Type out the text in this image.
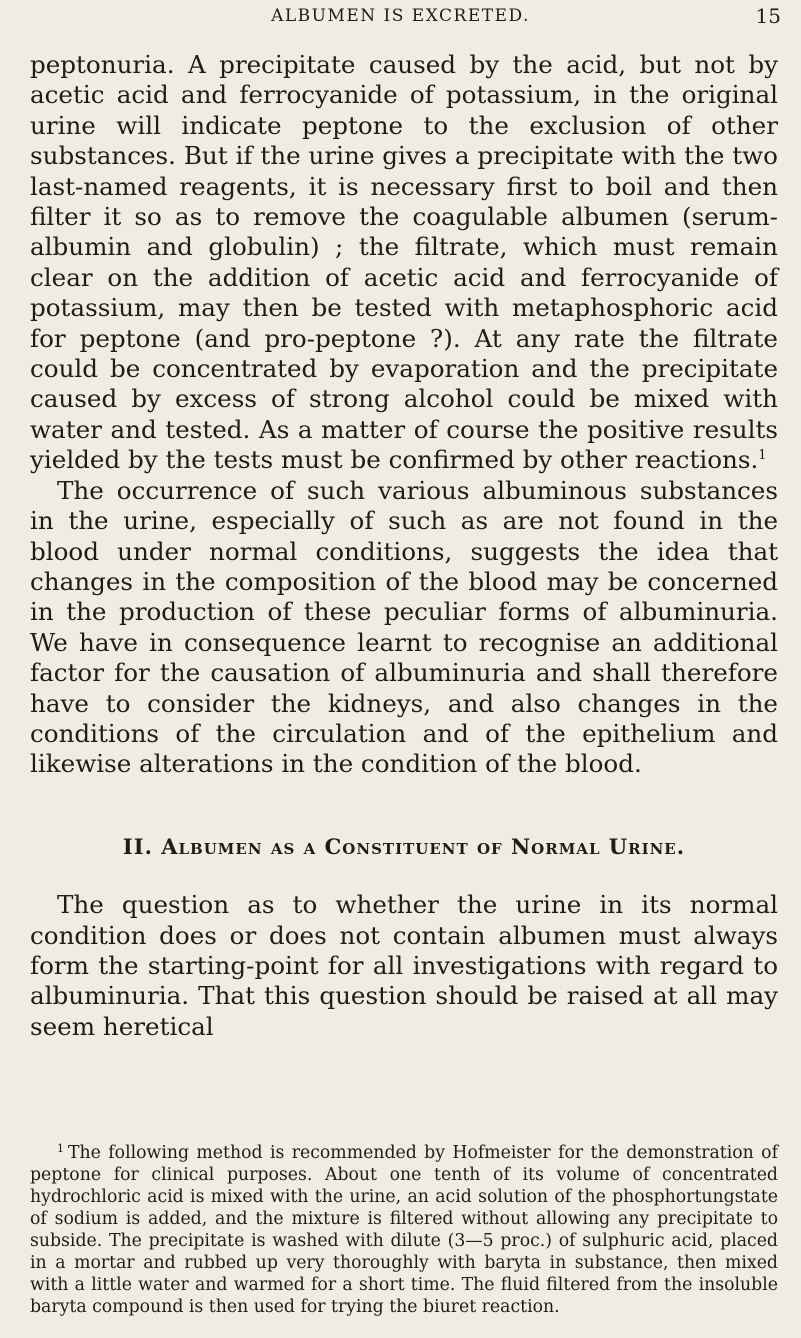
ALBUMEN IS EXCRETED.	15

peptonuria. A precipitate caused by the acid, but not by acetic acid and ferrocyanide of potassium, in the original urine will indicate peptone to the exclusion of other substances. But if the urine gives a precipitate with the two last-named reagents, it is necessary first to boil and then filter it so as to remove the coagulable albumen (serum-albumin and globulin) ; the filtrate, which must remain clear on the addition of acetic acid and ferrocyanide of potassium, may then be tested with metaphosphoric acid for peptone (and pro-peptone ?). At any rate the filtrate could be concentrated by evaporation and the precipitate caused by excess of strong alcohol could be mixed with water and tested. As a matter of course the positive results yielded by the tests must be confirmed by other reactions.$^1$

The occurrence of such various albuminous substances in the urine, especially of such as are not found in the blood under normal conditions, suggests the idea that changes in the composition of the blood may be concerned in the production of these peculiar forms of albuminuria. We have in consequence learnt to recognise an additional factor for the causation of albuminuria and shall therefore have to consider the kidneys, and also changes in the conditions of the circulation and of the epithelium and likewise alterations in the condition of the blood.

II. Albumen as a Constituent of Normal Urine.

The question as to whether the urine in its normal condition does or does not contain albumen must always form the starting-point for all investigations with regard to albuminuria. That this question should be raised at all may seem heretical

$^1$ The following method is recommended by Hofmeister for the demonstration of peptone for clinical purposes. About one tenth of its volume of concentrated hydrochloric acid is mixed with the urine, an acid solution of the phosphortungstate of sodium is added, and the mixture is filtered without allowing any precipitate to subside. The precipitate is washed with dilute (3—5 proc.) of sulphuric acid, placed in a mortar and rubbed up very thoroughly with baryta in substance, then mixed with a little water and warmed for a short time. The fluid filtered from the insoluble baryta compound is then used for trying the biuret reaction.
